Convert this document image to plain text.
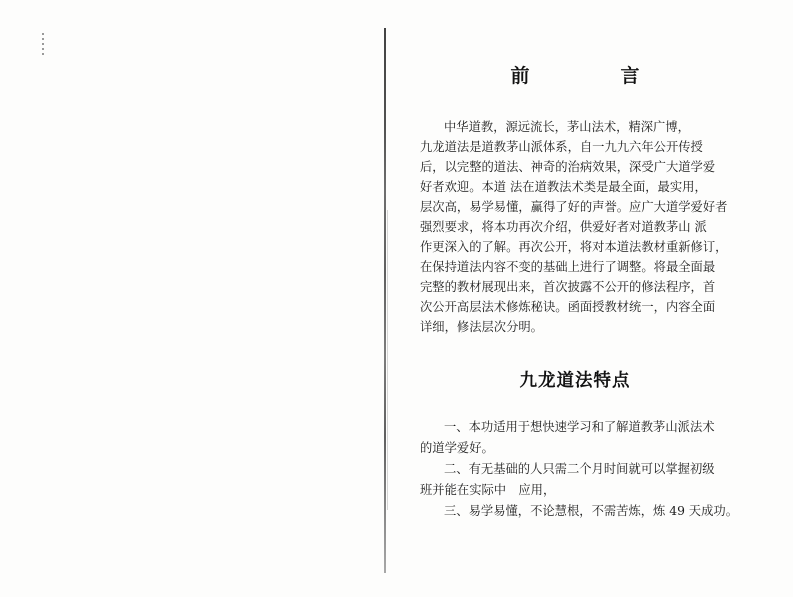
前　言

中华道教，源远流长，茅山法术，精深广博，
九龙道法是道教茅山派体系，自一九九六年公开传授
后，以完整的道法、神奇的治病效果，深受广大道学爱
好者欢迎。本道 法在道教法术类是最全面，最实用，
层次高，易学易懂，赢得了好的声誉。应广大道学爱好者
强烈要求，将本功再次介绍，供爱好者对道教茅山 派
作更深入的了解。再次公开，将对本道法教材重新修订，
在保持道法内容不变的基础上进行了调整。将最全面最
完整的教材展现出来，首次披露不公开的修法程序，首
次公开高层法术修炼秘诀。函面授教材统一，内容全面
详细，修法层次分明。

九龙道法特点

一、本功适用于想快速学习和了解道教茅山派法术
的道学爱好。
二、有无基础的人只需二个月时间就可以掌握初级
班并能在实际中　应用，
三、易学易懂，不论慧根，不需苦炼，炼 49 天成功。
